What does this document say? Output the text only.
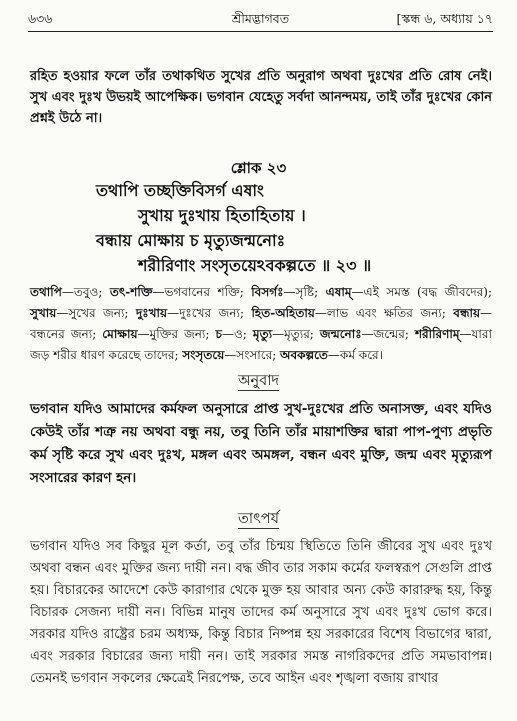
৬৩৬	শ্রীমদ্ভাগবত	[স্কন্ধ ৬, অধ্যায় ১৭

রহিত হওয়ার ফলে তাঁর তথাকথিত সুখের প্রতি অনুরাগ অথবা দুঃখের প্রতি রোষ নেই। সুখ এবং দুঃখ উভয়ই আপেক্ষিক। ভগবান যেহেতু সর্বদা আনন্দময়, তাই তাঁর দুঃখের কোন প্রশ্নই উঠে না।

শ্লোক ২৩
তথাপি তচ্ছক্তিবিসর্গ এষাং
সুখায় দুঃখায় হিতাহিতায় ।
বন্ধায় মোক্ষায় চ মৃত্যুজন্মনোঃ
শরীরিণাং সংসৃতয়েঽবকল্পতে ॥ ২৩ ॥
তথাপি—তবুও; তৎ-শক্তি—ভগবানের শক্তি; বিসর্গঃ—সৃষ্টি; এষাম্—এই সমস্ত (বদ্ধ জীবদের); সুখায়—সুখের জন্য; দুঃখায়—দুঃখের জন্য; হিত-অহিতায়—লাভ এবং ক্ষতির জন্য; বন্ধায়—বন্ধনের জন্য; মোক্ষায়—মুক্তির জন্য; চ—ও; মৃত্যু—মৃত্যুর; জন্মনোঃ—জন্মের; শরীরিণাম্—যারা জড় শরীর ধারণ করেছে তাদের; সংসৃতয়ে—সংসারে; অবকল্পতে—কর্ম করে।
অনুবাদ

ভগবান যদিও আমাদের কর্মফল অনুসারে প্রাপ্ত সুখ-দুঃখের প্রতি অনাসক্ত, এবং যদিও কেউই তাঁর শত্রু নয় অথবা বন্ধু নয়, তবু তিনি তাঁর মায়াশক্তির দ্বারা পাপ-পুণ্য প্রভৃতি কর্ম সৃষ্টি করে সুখ এবং দুঃখ, মঙ্গল এবং অমঙ্গল, বন্ধন এবং মুক্তি, জন্ম এবং মৃত্যুরূপ সংসারের কারণ হন।

তাৎপর্য

ভগবান যদিও সব কিছুর মূল কর্তা, তবু তাঁর চিন্ময় স্থিতিতে তিনি জীবের সুখ এবং দুঃখ অথবা বন্ধন এবং মুক্তির জন্য দায়ী নন। বদ্ধ জীব তার সকাম কর্মের ফলস্বরূপ সেগুলি প্রাপ্ত হয়। বিচারকের আদেশে কেউ কারাগার থেকে মুক্ত হয় আবার অন্য কেউ কারারুদ্ধ হয়, কিন্তু বিচারক সেজন্য দায়ী নন। বিভিন্ন মানুষ তাদের কর্ম অনুসারে সুখ এবং দুঃখ ভোগ করে। সরকার যদিও রাষ্ট্রের চরম অধ্যক্ষ, কিন্তু বিচার নিষ্পন্ন হয় সরকারের বিশেষ বিভাগের দ্বারা, এবং সরকার বিচারের জন্য দায়ী নন। তাই সরকার সমস্ত নাগরিকদের প্রতি সমভাবাপন্ন। তেমনই ভগবান সকলের ক্ষেত্রেই নিরপেক্ষ, তবে আইন এবং শৃঙ্খলা বজায় রাখার
